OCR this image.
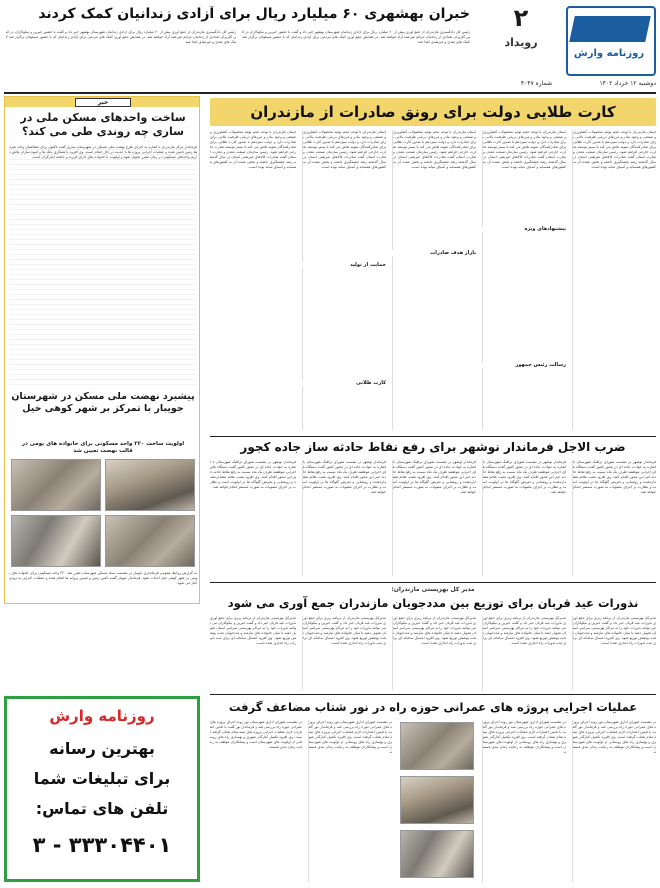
روزنامه وارش
۲
رویداد
دوشنبه ۱۲ خرداد ۱۴۰۲
شماره ۴۰۴۷
خبران بهشهری ۶۰ میلیارد ریال برای آزادی زندانیان کمک کردند
رئیس کل دادگستری مازندران از جمع آوری بیش از ۶۰ میلیارد ریال برای آزادی زندانیان شهرستان بهشهر خبر داد و گفت با حضور خیرین و نیکوکاران در آئین گلریزان تعدادی از زندانیان جرائم غیرعمد آزاد خواهند شد. در همایش جمع آوری کمک های مردمی برای آزادی زندانیان که با حضور مسئولان برگزار شد کمک های نقدی و غیرنقدی اهدا شد.
رئیس کل دادگستری مازندران از جمع آوری بیش از ۶۰ میلیارد ریال برای آزادی زندانیان شهرستان بهشهر خبر داد و گفت با حضور خیرین و نیکوکاران در آئین گلریزان تعدادی از زندانیان جرائم غیرعمد آزاد خواهند شد. در همایش جمع آوری کمک های مردمی برای آزادی زندانیان که با حضور مسئولان برگزار شد کمک های نقدی و غیرنقدی اهدا شد.
خبر
ساخت واحدهای مسکن ملی در ساری چه روندی طی می کند؟
فرماندار مرکز مازندران با اشاره به اجرای طرح نهضت ملی مسکن در شهرستان ساری گفت تاکنون برای متقاضیان واجد شرایط زمین تامین شده و عملیات اجرایی پروژه ها با جدیت در حال انجام است. وی افزود با همکاری بانک ها و انبوه سازان تلاش داریم واحدهای مسکونی در زمان مقرر تحویل شود و اولویت با خانواده های دارای فرزند و جامعه ایثارگران است.
پیشبرد نهضت ملی مسکن در شهرستان جویبار با تمرکز بر شهر کوهی خیل
اولویت ساخت ۲۲۰ واحد مسکونی برای خانواده های بومی در قالب نهضت تعیین شد
به گزارش روابط عمومی فرمانداری جویبار در نشست ستاد مسکن شهرستان مقرر شد ۲۲۰ واحد مسکونی برای خانواده های بومی در شهر کوهی خیل احداث شود. فرماندار جویبار گفت تامین زمین و صدور پروانه ها انجام شده و عملیات اجرایی به زودی آغاز می شود.
کارت طلایی دولت برای رونق صادرات از مازندران
استان مازندران با توجه حجم تولید محصولات کشاورزی و صنعتی و وجود بنادر و مرزهای دریایی ظرفیت بالایی برای صادرات دارد و دولت سیزدهم با صدور کارت طلایی برای صادرکنندگان نمونه تلاش می کند تا بستر توسعه تجارت خارجی فراهم شود. رئیس سازمان صنعت معدن و تجارت استان گفت صادرات کالاهای غیرنفتی استان در سال گذشته رشد چشمگیری داشته و بخش عمده آن به کشورهای همسایه و آسیای میانه بوده است.
استان مازندران با توجه حجم تولید محصولات کشاورزی و صنعتی و وجود بنادر و مرزهای دریایی ظرفیت بالایی برای صادرات دارد و دولت سیزدهم با صدور کارت طلایی برای صادرکنندگان نمونه تلاش می کند تا بستر توسعه تجارت خارجی فراهم شود. رئیس سازمان صنعت معدن و تجارت استان گفت صادرات کالاهای غیرنفتی استان در سال گذشته رشد چشمگیری داشته و بخش عمده آن به کشورهای همسایه و آسیای میانه بوده است.
استان مازندران با توجه حجم تولید محصولات کشاورزی و صنعتی و وجود بنادر و مرزهای دریایی ظرفیت بالایی برای صادرات دارد و دولت سیزدهم با صدور کارت طلایی برای صادرکنندگان نمونه تلاش می کند تا بستر توسعه تجارت خارجی فراهم شود. رئیس سازمان صنعت معدن و تجارت استان گفت صادرات کالاهای غیرنفتی استان در سال گذشته رشد چشمگیری داشته و بخش عمده آن به کشورهای همسایه و آسیای میانه بوده است.
استان مازندران با توجه حجم تولید محصولات کشاورزی و صنعتی و وجود بنادر و مرزهای دریایی ظرفیت بالایی برای صادرات دارد و دولت سیزدهم با صدور کارت طلایی برای صادرکنندگان نمونه تلاش می کند تا بستر توسعه تجارت خارجی فراهم شود. رئیس سازمان صنعت معدن و تجارت استان گفت صادرات کالاهای غیرنفتی استان در سال گذشته رشد چشمگیری داشته و بخش عمده آن به کشورهای همسایه و آسیای میانه بوده است.
استان مازندران با توجه حجم تولید محصولات کشاورزی و صنعتی و وجود بنادر و مرزهای دریایی ظرفیت بالایی برای صادرات دارد و دولت سیزدهم با صدور کارت طلایی برای صادرکنندگان نمونه تلاش می کند تا بستر توسعه تجارت خارجی فراهم شود. رئیس سازمان صنعت معدن و تجارت استان گفت صادرات کالاهای غیرنفتی استان در سال گذشته رشد چشمگیری داشته و بخش عمده آن به کشورهای همسایه و آسیای میانه بوده است.
پیشنهادهای ویژه
رسالت رئیس جمهور
بازار هدف صادرات
حمایت از تولید
کارت طلایی
ضرب الاجل فرماندار نوشهر برای رفع نقاط حادثه ساز جاده کجور
فرماندار نوشهر در نشست شورای ترافیک شهرستان با اشاره به حوادث جاده ای در محور کجور گفت دستگاه های اجرایی موظفند ظرف یک ماه نسبت به رفع نقاط حادثه خیز این محور اقدام کنند. وی افزود نصب علائم هشداردهنده و روشنایی و تعریض گلوگاه ها در اولویت است و نظارت بر اجرای مصوبات به صورت مستمر انجام خواهد شد.
فرماندار نوشهر در نشست شورای ترافیک شهرستان با اشاره به حوادث جاده ای در محور کجور گفت دستگاه های اجرایی موظفند ظرف یک ماه نسبت به رفع نقاط حادثه خیز این محور اقدام کنند. وی افزود نصب علائم هشداردهنده و روشنایی و تعریض گلوگاه ها در اولویت است و نظارت بر اجرای مصوبات به صورت مستمر انجام خواهد شد.
فرماندار نوشهر در نشست شورای ترافیک شهرستان با اشاره به حوادث جاده ای در محور کجور گفت دستگاه های اجرایی موظفند ظرف یک ماه نسبت به رفع نقاط حادثه خیز این محور اقدام کنند. وی افزود نصب علائم هشداردهنده و روشنایی و تعریض گلوگاه ها در اولویت است و نظارت بر اجرای مصوبات به صورت مستمر انجام خواهد شد.
فرماندار نوشهر در نشست شورای ترافیک شهرستان با اشاره به حوادث جاده ای در محور کجور گفت دستگاه های اجرایی موظفند ظرف یک ماه نسبت به رفع نقاط حادثه خیز این محور اقدام کنند. وی افزود نصب علائم هشداردهنده و روشنایی و تعریض گلوگاه ها در اولویت است و نظارت بر اجرای مصوبات به صورت مستمر انجام خواهد شد.
فرماندار نوشهر در نشست شورای ترافیک شهرستان با اشاره به حوادث جاده ای در محور کجور گفت دستگاه های اجرایی موظفند ظرف یک ماه نسبت به رفع نقاط حادثه خیز این محور اقدام کنند. وی افزود نصب علائم هشداردهنده و روشنایی و تعریض گلوگاه ها در اولویت است و نظارت بر اجرای مصوبات به صورت مستمر انجام خواهد شد.
مدیر کل بهزیستی مازندران:
نذورات عید قربان برای توزیع بین مددجویان مازندران جمع آوری می شود
مدیرکل بهزیستی مازندران از برنامه ریزی برای جمع آوری نذورات عید قربان خبر داد و گفت خیرین و نیکوکاران می توانند نذورات خود را به مراکز بهزیستی سراسر استان تحویل دهند تا میان خانواده های نیازمند و مددجویان تحت پوشش توزیع شود. وی افزود امسال سامانه ای برای ثبت نذورات راه اندازی شده است.
مدیرکل بهزیستی مازندران از برنامه ریزی برای جمع آوری نذورات عید قربان خبر داد و گفت خیرین و نیکوکاران می توانند نذورات خود را به مراکز بهزیستی سراسر استان تحویل دهند تا میان خانواده های نیازمند و مددجویان تحت پوشش توزیع شود. وی افزود امسال سامانه ای برای ثبت نذورات راه اندازی شده است.
مدیرکل بهزیستی مازندران از برنامه ریزی برای جمع آوری نذورات عید قربان خبر داد و گفت خیرین و نیکوکاران می توانند نذورات خود را به مراکز بهزیستی سراسر استان تحویل دهند تا میان خانواده های نیازمند و مددجویان تحت پوشش توزیع شود. وی افزود امسال سامانه ای برای ثبت نذورات راه اندازی شده است.
مدیرکل بهزیستی مازندران از برنامه ریزی برای جمع آوری نذورات عید قربان خبر داد و گفت خیرین و نیکوکاران می توانند نذورات خود را به مراکز بهزیستی سراسر استان تحویل دهند تا میان خانواده های نیازمند و مددجویان تحت پوشش توزیع شود. وی افزود امسال سامانه ای برای ثبت نذورات راه اندازی شده است.
مدیرکل بهزیستی مازندران از برنامه ریزی برای جمع آوری نذورات عید قربان خبر داد و گفت خیرین و نیکوکاران می توانند نذورات خود را به مراکز بهزیستی سراسر استان تحویل دهند تا میان خانواده های نیازمند و مددجویان تحت پوشش توزیع شود. وی افزود امسال سامانه ای برای ثبت نذورات راه اندازی شده است.
روزنامه وارش
بهترین رسانه
برای تبلیغات شما
تلفن های تماس:
۳ - ۳۳۳۰۴۴۰۱
عملیات اجرایی پروژه های عمرانی حوزه راه در نور شتاب مضاعف گرفت
در نشست شورای اداری شهرستان نور روند اجرای پروژه های عمرانی حوزه راه بررسی شد و فرماندار نور گفت با تامین اعتبارات لازم عملیات اجرایی پروژه های نیمه تمام شتاب گرفته است. وی افزود تکمیل کنارگذر شهری و بهسازی راه های روستایی از اولویت های شهرستان است و پیمانکاران موظف به رعایت زمان بندی هستند.
در نشست شورای اداری شهرستان نور روند اجرای پروژه های عمرانی حوزه راه بررسی شد و فرماندار نور گفت با تامین اعتبارات لازم عملیات اجرایی پروژه های نیمه تمام شتاب گرفته است. وی افزود تکمیل کنارگذر شهری و بهسازی راه های روستایی از اولویت های شهرستان است و پیمانکاران موظف به رعایت زمان بندی هستند.
در نشست شورای اداری شهرستان نور روند اجرای پروژه های عمرانی حوزه راه بررسی شد و فرماندار نور گفت با تامین اعتبارات لازم عملیات اجرایی پروژه های نیمه تمام شتاب گرفته است. وی افزود تکمیل کنارگذر شهری و بهسازی راه های روستایی از اولویت های شهرستان است و پیمانکاران موظف به رعایت زمان بندی هستند.
در نشست شورای اداری شهرستان نور روند اجرای پروژه های عمرانی حوزه راه بررسی شد و فرماندار نور گفت با تامین اعتبارات لازم عملیات اجرایی پروژه های نیمه تمام شتاب گرفته است. وی افزود تکمیل کنارگذر شهری و بهسازی راه های روستایی از اولویت های شهرستان است و پیمانکاران موظف به رعایت زمان بندی هستند.
